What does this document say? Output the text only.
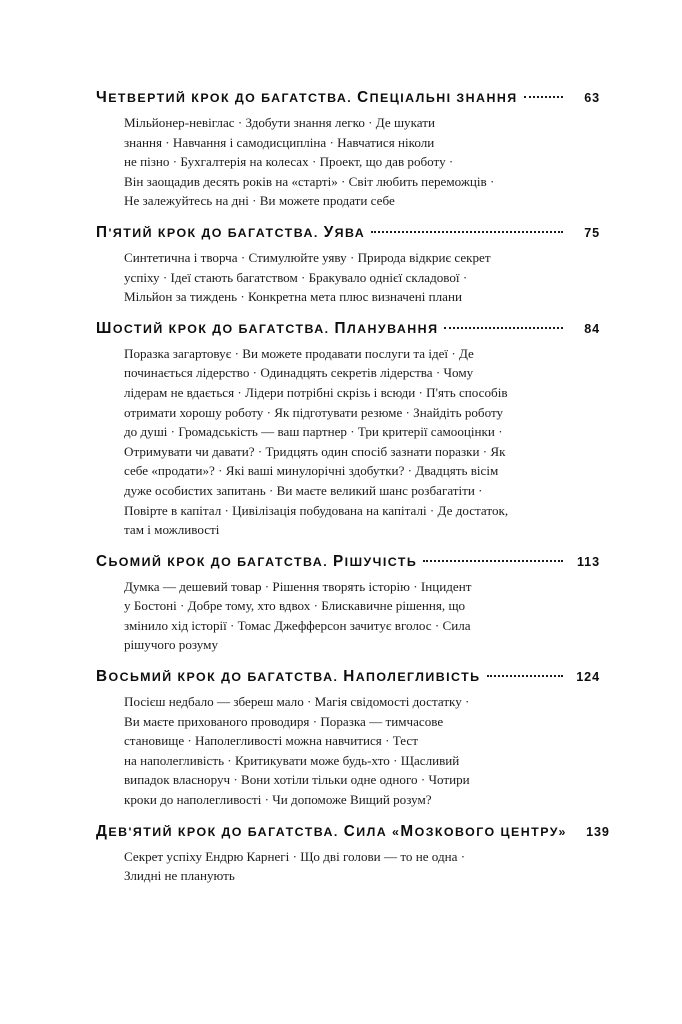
ЧЕТВЕРТИЙ КРОК ДО БАГАТСТВА. СПЕЦІАЛЬНІ ЗНАННЯ	63
Мільйонер-невіглас · Здобути знання легко · Де шукати
знання · Навчання і самодисципліна · Навчатися ніколи
не пізно · Бухгалтерія на колесах · Проект, що дав роботу ·
Він заощадив десять років на «старті» · Світ любить переможців ·
Не залежуйтесь на дні · Ви можете продати себе
П'ЯТИЙ КРОК ДО БАГАТСТВА. УЯВА	75
Синтетична і творча · Стимулюйте уяву · Природа відкриє секрет
успіху · Ідеї стають багатством · Бракувало однієї складової ·
Мільйон за тиждень · Конкретна мета плюс визначені плани
ШОСТИЙ КРОК ДО БАГАТСТВА. ПЛАНУВАННЯ	84
Поразка загартовує · Ви можете продавати послуги та ідеї · Де
починається лідерство · Одинадцять секретів лідерства · Чому
лідерам не вдається · Лідери потрібні скрізь і всюди · П'ять способів
отримати хорошу роботу · Як підготувати резюме · Знайдіть роботу
до душі · Громадськість — ваш партнер · Три критерії самооцінки ·
Отримувати чи давати? · Тридцять один спосіб зазнати поразки · Як
себе «продати»? · Які ваші минулорічні здобутки? · Двадцять вісім
дуже особистих запитань · Ви маєте великий шанс розбагатіти ·
Повірте в капітал · Цивілізація побудована на капіталі · Де достаток,
там і можливості
СЬОМИЙ КРОК ДО БАГАТСТВА. РІШУЧІСТЬ	113
Думка — дешевий товар · Рішення творять історію · Інцидент
у Бостоні · Добре тому, хто вдвох · Блискавичне рішення, що
змінило хід історії · Томас Джефферсон зачитує вголос · Сила
рішучого розуму
ВОСЬМИЙ КРОК ДО БАГАТСТВА. НАПОЛЕГЛИВІСТЬ	124
Посієш недбало — збереш мало · Магія свідомості достатку ·
Ви маєте прихованого проводиря · Поразка — тимчасове
становище · Наполегливості можна навчитися · Тест
на наполегливість · Критикувати може будь-хто · Щасливий
випадок власноруч · Вони хотіли тільки одне одного · Чотири
кроки до наполегливості · Чи допоможе Вищий розум?
ДЕВ'ЯТИЙ КРОК ДО БАГАТСТВА. СИЛА «МОЗКОВОГО ЦЕНТРУ»	139
Секрет успіху Ендрю Карнегі · Що дві голови — то не одна ·
Злидні не планують
